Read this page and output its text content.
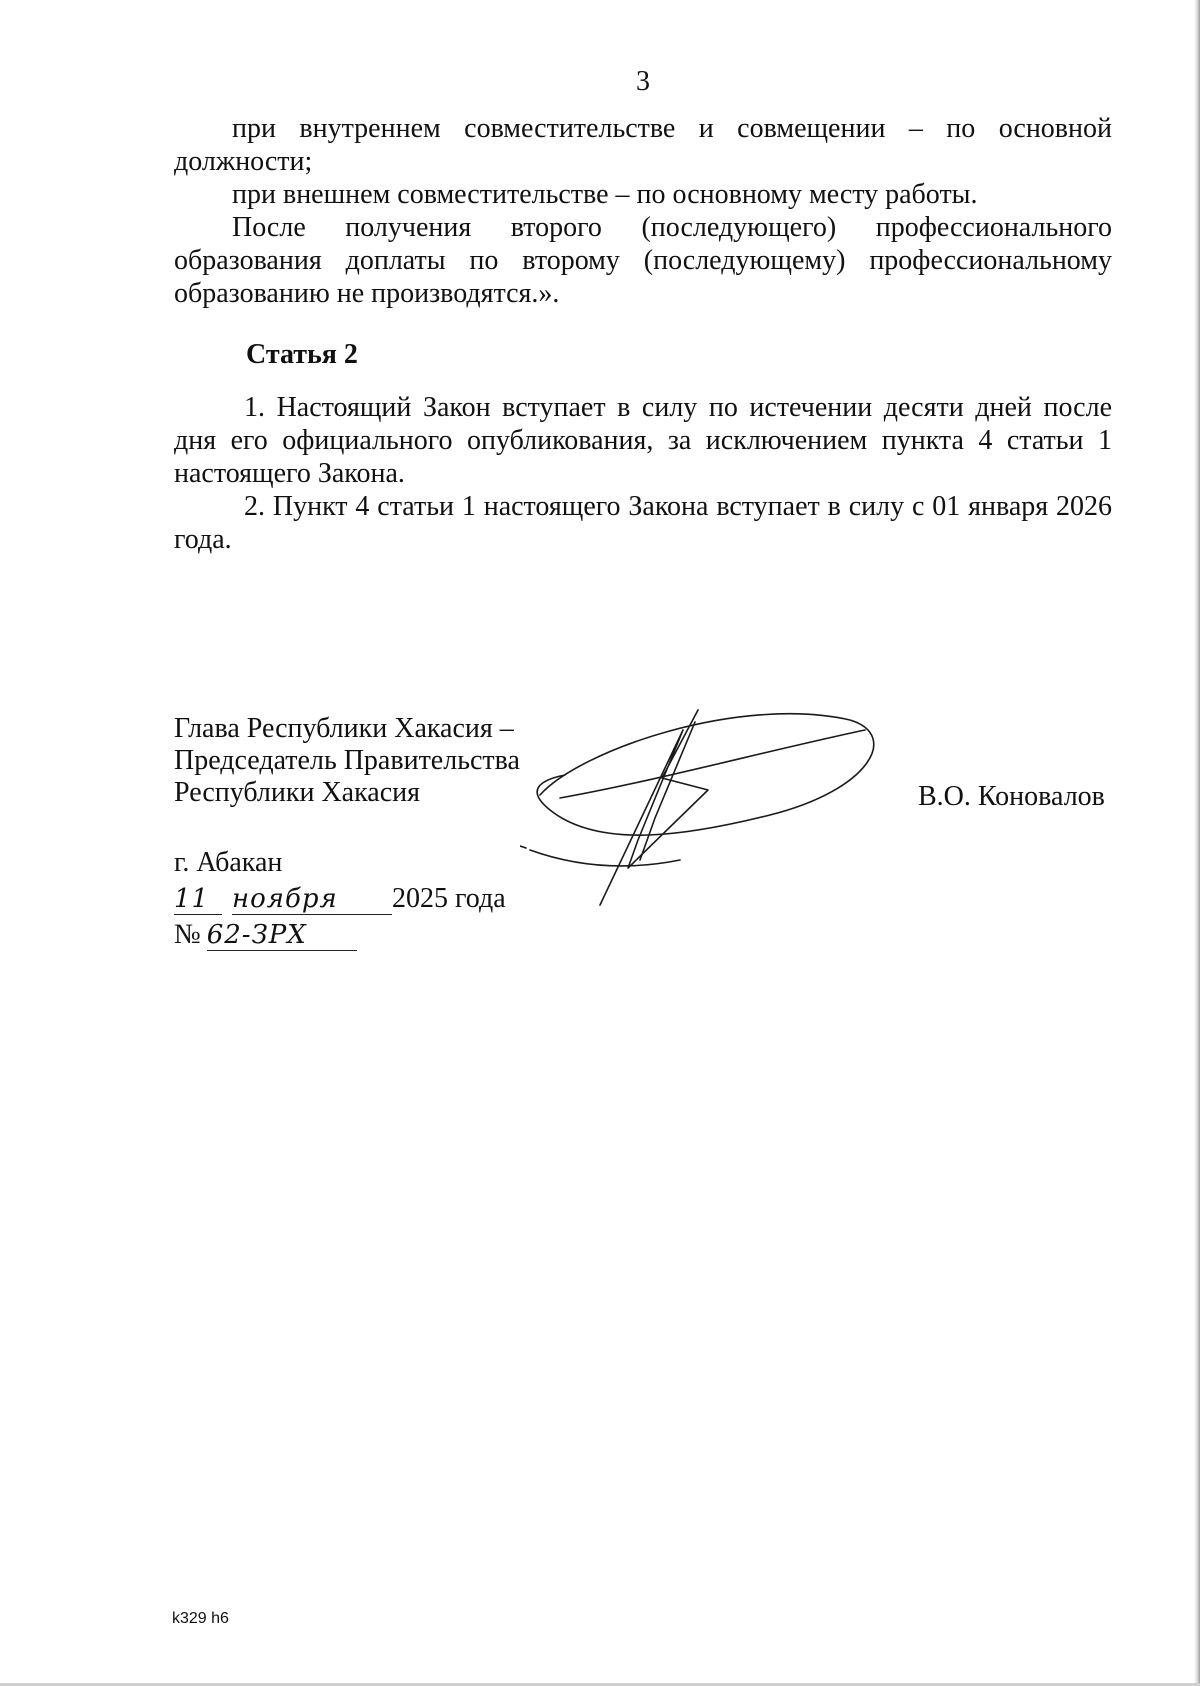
3

при внутреннем совместительстве и совмещении – по основной должности;

при внешнем совместительстве – по основному месту работы.

После получения второго (последующего) профессионального образования доплаты по второму (последующему) профессиональному образованию не производятся.».

Статья 2

1. Настоящий Закон вступает в силу по истечении десяти дней после дня его официального опубликования, за исключением пункта 4 статьи 1 настоящего Закона.

2. Пункт 4 статьи 1 настоящего Закона вступает в силу с 01 января 2026 года.

Глава Республики Хакасия –
Председатель Правительства
Республики Хакасия	В.О. Коновалов
г. Абакан
11 ноября 2025 года
№ 62-ЗРХ
k329 h6
